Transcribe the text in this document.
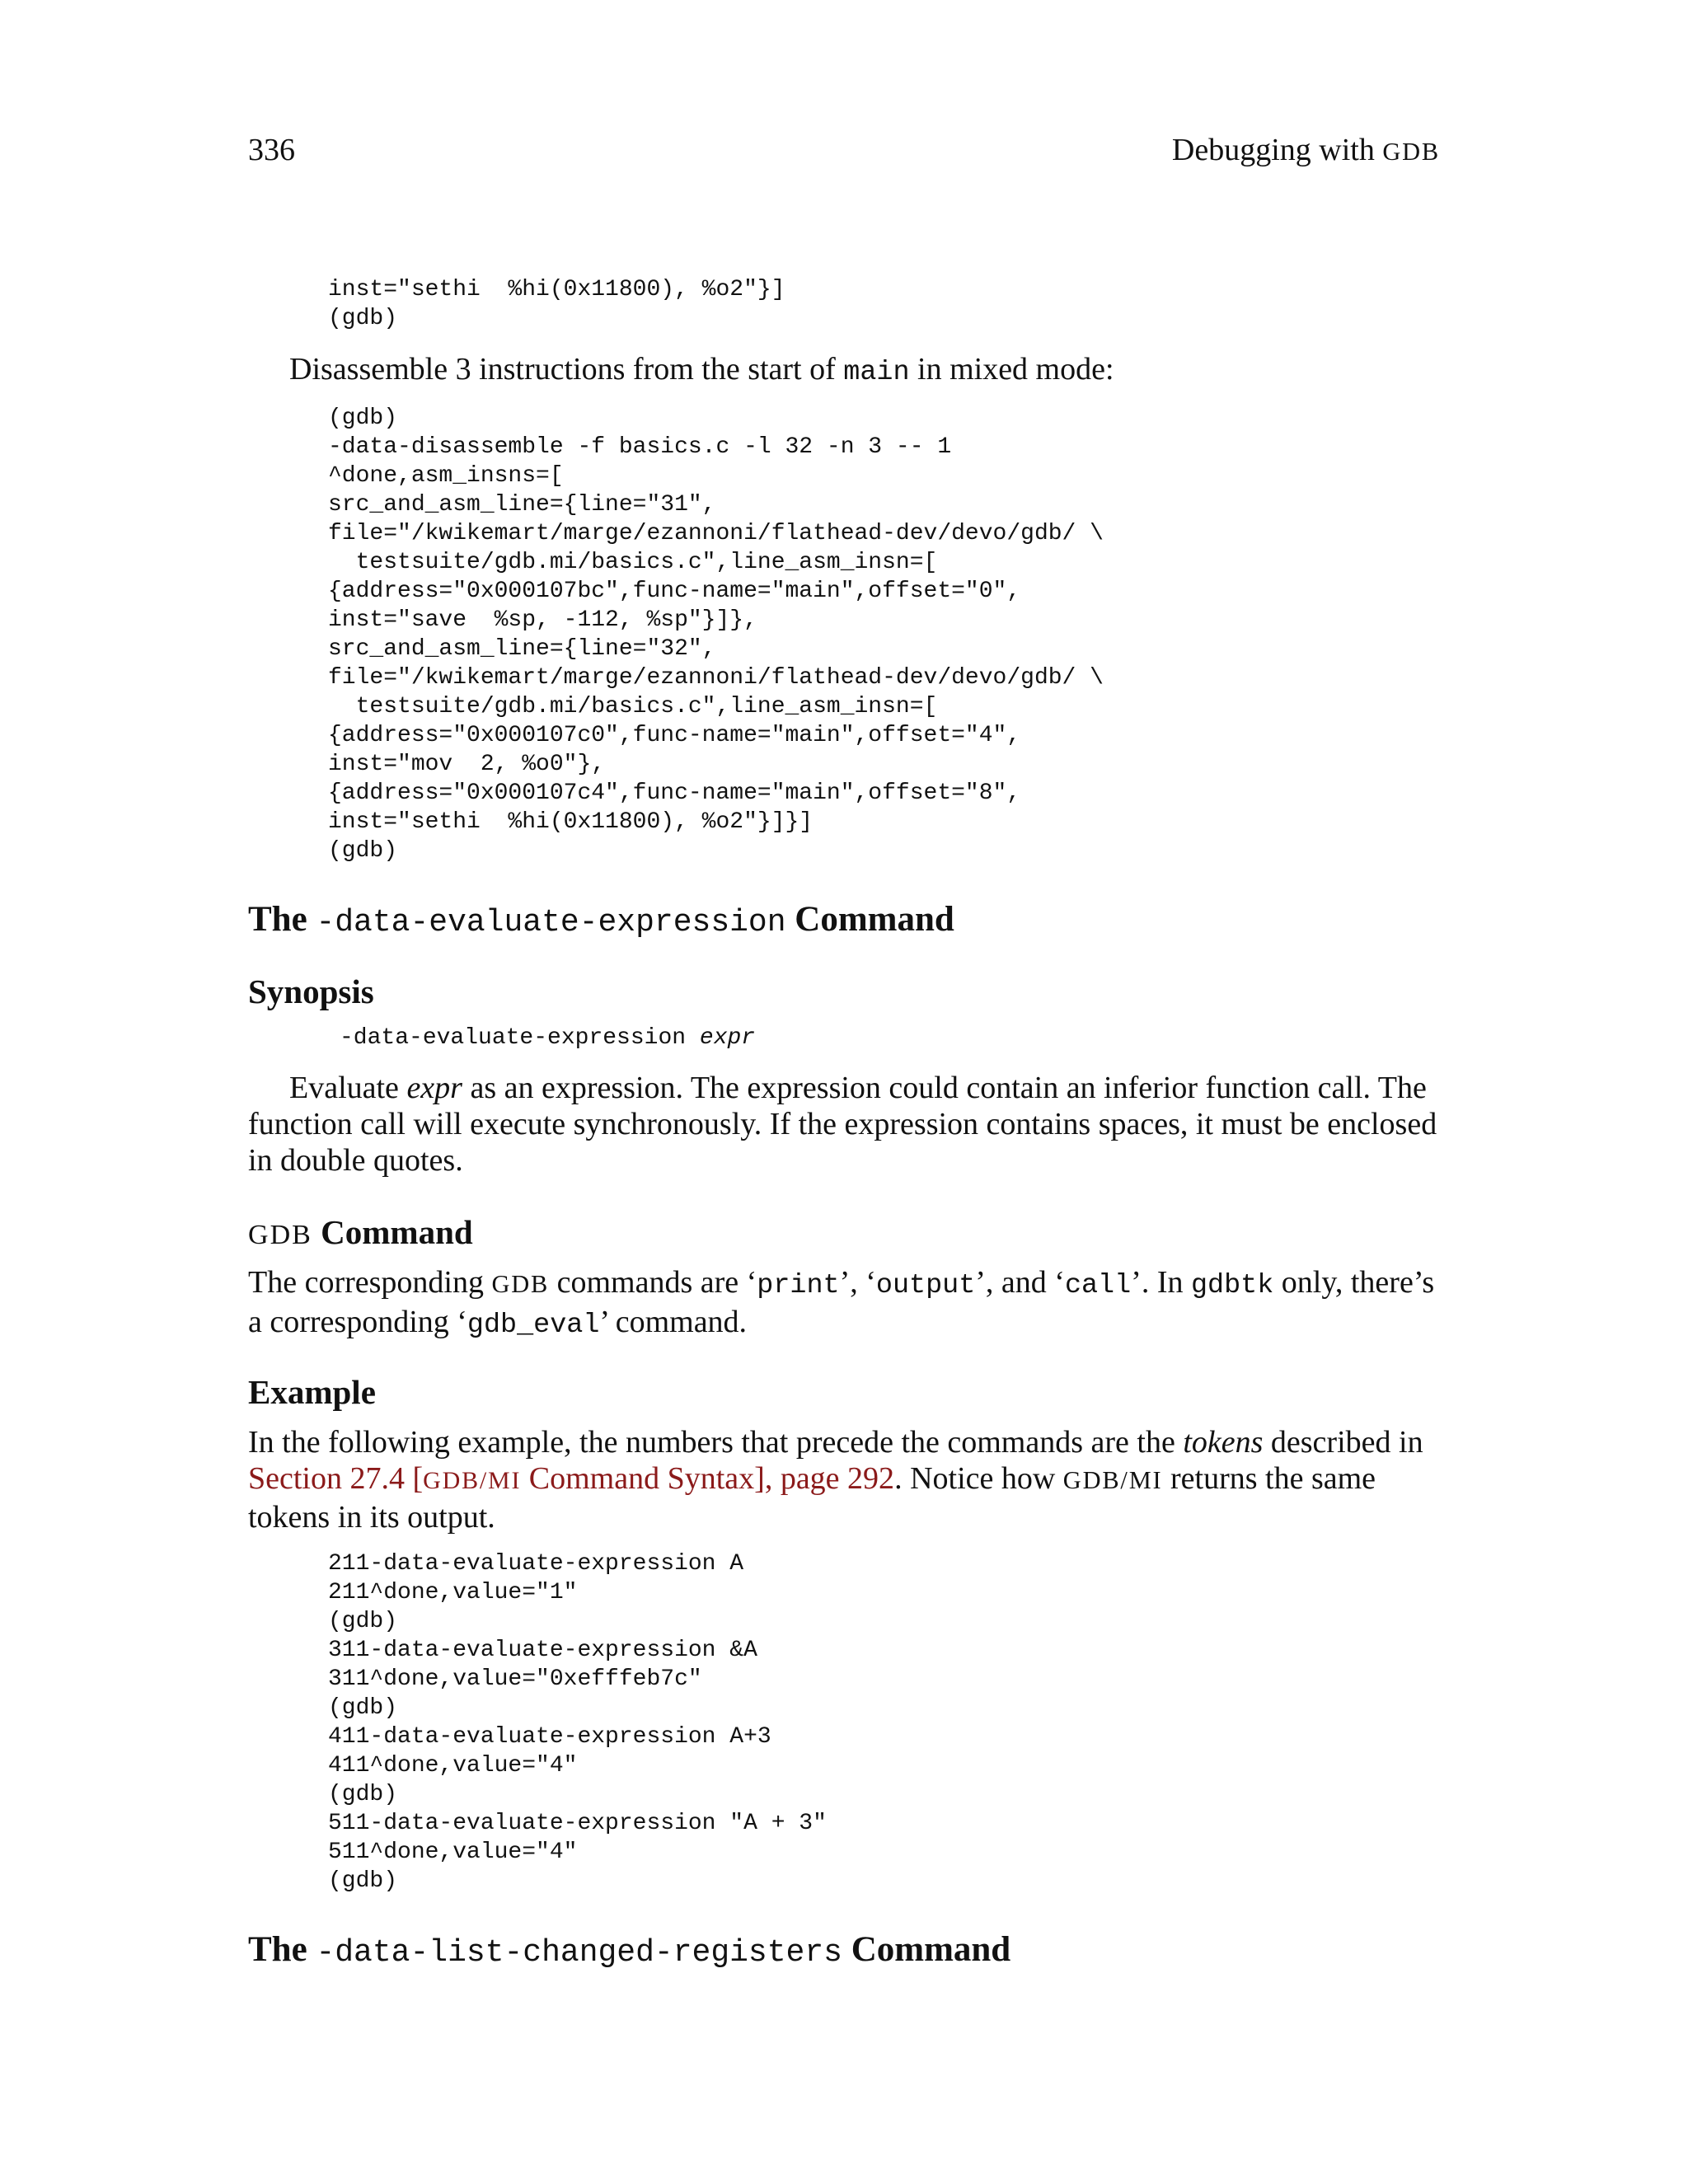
336	Debugging with GDB
inst="sethi  %hi(0x11800), %o2"}]
(gdb)

Disassemble 3 instructions from the start of main in mixed mode:

(gdb)
-data-disassemble -f basics.c -l 32 -n 3 -- 1
^done,asm_insns=[
src_and_asm_line={line="31",
file="/kwikemart/marge/ezannoni/flathead-dev/devo/gdb/ \
testsuite/gdb.mi/basics.c",line_asm_insn=[
{address="0x000107bc",func-name="main",offset="0",
inst="save  %sp, -112, %sp"}]},
src_and_asm_line={line="32",
file="/kwikemart/marge/ezannoni/flathead-dev/devo/gdb/ \
testsuite/gdb.mi/basics.c",line_asm_insn=[
{address="0x000107c0",func-name="main",offset="4",
inst="mov  2, %o0"},
{address="0x000107c4",func-name="main",offset="8",
inst="sethi  %hi(0x11800), %o2"}]}]
(gdb)
The -data-evaluate-expression Command
Synopsis
-data-evaluate-expression expr

Evaluate expr as an expression. The expression could contain an inferior function call. The function call will execute synchronously. If the expression contains spaces, it must be enclosed in double quotes.

GDB Command

The corresponding GDB commands are ‘print’, ‘output’, and ‘call’. In gdbtk only, there’s a corresponding ‘gdb_eval’ command.

Example

In the following example, the numbers that precede the commands are the tokens described in Section 27.4 [GDB/MI Command Syntax], page 292. Notice how GDB/MI returns the same tokens in its output.

211-data-evaluate-expression A
211^done,value="1"
(gdb)
311-data-evaluate-expression &A
311^done,value="0xefffeb7c"
(gdb)
411-data-evaluate-expression A+3
411^done,value="4"
(gdb)
511-data-evaluate-expression "A + 3"
511^done,value="4"
(gdb)
The -data-list-changed-registers Command
